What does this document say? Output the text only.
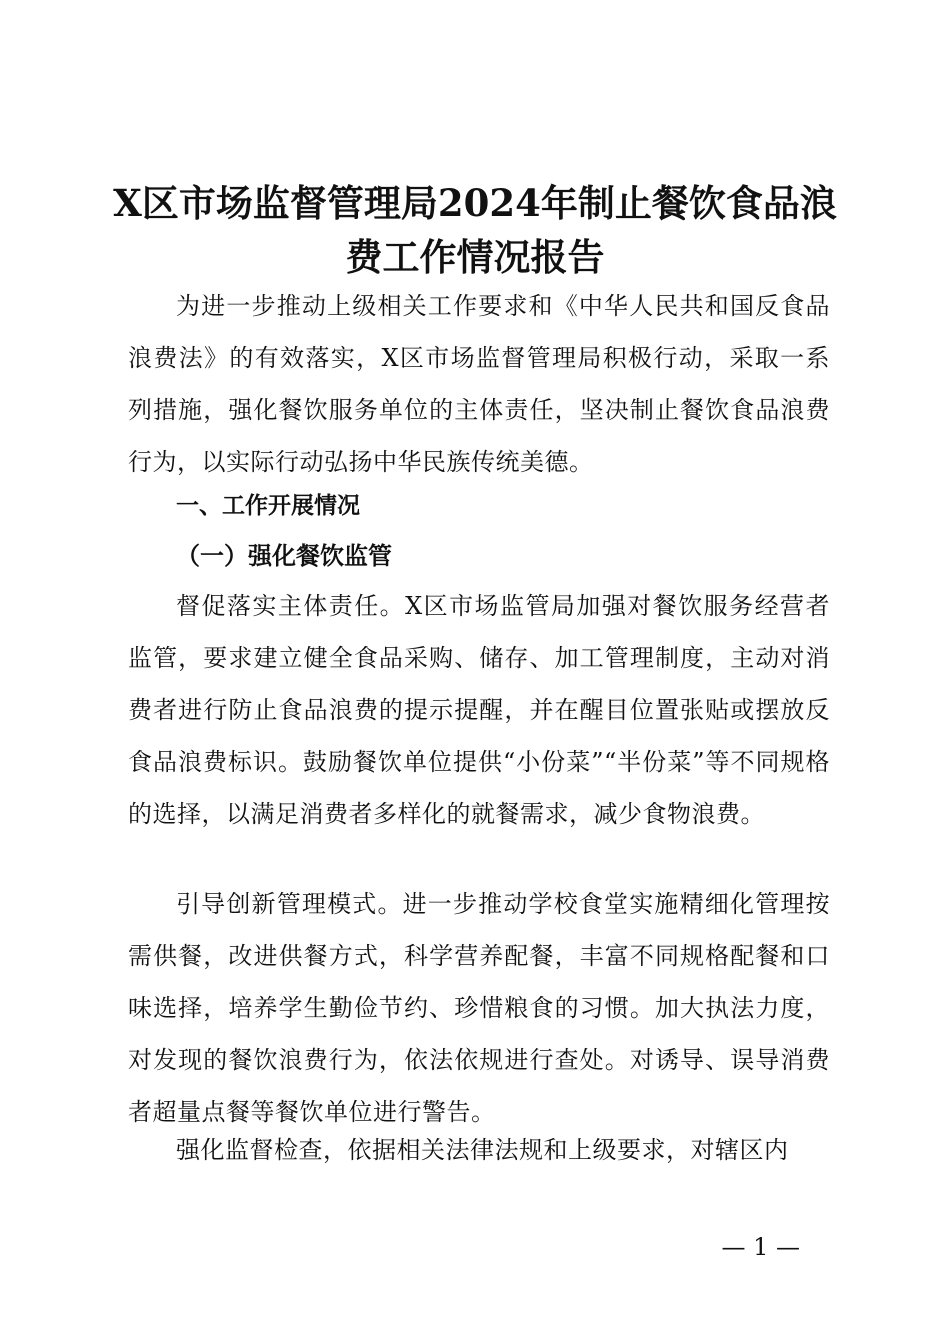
X区市场监督管理局2024年制止餐饮食品浪费工作情况报告

为进一步推动上级相关工作要求和《中华人民共和国反食品浪费法》的有效落实，X区市场监督管理局积极行动，采取一系列措施，强化餐饮服务单位的主体责任，坚决制止餐饮食品浪费行为，以实际行动弘扬中华民族传统美德。

一、工作开展情况
（一）强化餐饮监管

督促落实主体责任。X区市场监管局加强对餐饮服务经营者监管，要求建立健全食品采购、储存、加工管理制度，主动对消费者进行防止食品浪费的提示提醒，并在醒目位置张贴或摆放反食品浪费标识。鼓励餐饮单位提供“小份菜”“半份菜”等不同规格的选择，以满足消费者多样化的就餐需求，减少食物浪费。

引导创新管理模式。进一步推动学校食堂实施精细化管理按需供餐，改进供餐方式，科学营养配餐，丰富不同规格配餐和口味选择，培养学生勤俭节约、珍惜粮食的习惯。加大执法力度，对发现的餐饮浪费行为，依法依规进行查处。对诱导、误导消费者超量点餐等餐饮单位进行警告。

强化监督检查，依据相关法律法规和上级要求，对辖区内

— 1 —
